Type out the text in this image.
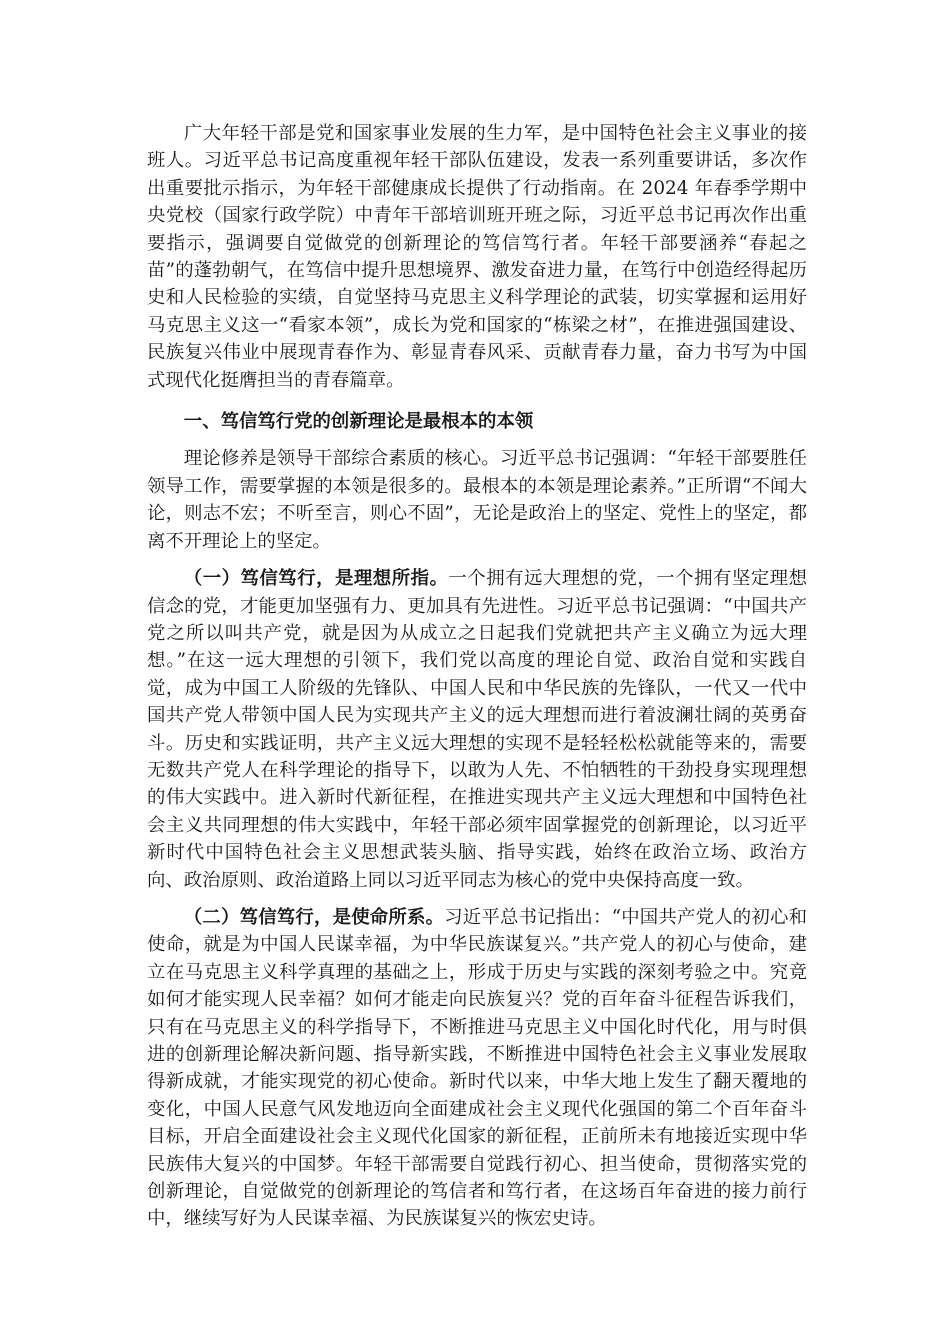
广大年轻干部是党和国家事业发展的生力军，是中国特色社会主义事业的接班人。习近平总书记高度重视年轻干部队伍建设，发表一系列重要讲话，多次作出重要批示指示，为年轻干部健康成长提供了行动指南。在 2024 年春季学期中央党校（国家行政学院）中青年干部培训班开班之际，习近平总书记再次作出重要指示，强调要自觉做党的创新理论的笃信笃行者。年轻干部要涵养“春起之苗”的蓬勃朝气，在笃信中提升思想境界、激发奋进力量，在笃行中创造经得起历史和人民检验的实绩，自觉坚持马克思主义科学理论的武装，切实掌握和运用好马克思主义这一“看家本领”，成长为党和国家的“栋梁之材”，在推进强国建设、民族复兴伟业中展现青春作为、彰显青春风采、贡献青春力量，奋力书写为中国式现代化挺膺担当的青春篇章。

一、笃信笃行党的创新理论是最根本的本领

理论修养是领导干部综合素质的核心。习近平总书记强调：“年轻干部要胜任领导工作，需要掌握的本领是很多的。最根本的本领是理论素养。”正所谓“不闻大论，则志不宏；不听至言，则心不固”，无论是政治上的坚定、党性上的坚定，都离不开理论上的坚定。

（一）笃信笃行，是理想所指。一个拥有远大理想的党，一个拥有坚定理想信念的党，才能更加坚强有力、更加具有先进性。习近平总书记强调：“中国共产党之所以叫共产党，就是因为从成立之日起我们党就把共产主义确立为远大理想。”在这一远大理想的引领下，我们党以高度的理论自觉、政治自觉和实践自觉，成为中国工人阶级的先锋队、中国人民和中华民族的先锋队，一代又一代中国共产党人带领中国人民为实现共产主义的远大理想而进行着波澜壮阔的英勇奋斗。历史和实践证明，共产主义远大理想的实现不是轻轻松松就能等来的，需要无数共产党人在科学理论的指导下，以敢为人先、不怕牺牲的干劲投身实现理想的伟大实践中。进入新时代新征程，在推进实现共产主义远大理想和中国特色社会主义共同理想的伟大实践中，年轻干部必须牢固掌握党的创新理论，以习近平新时代中国特色社会主义思想武装头脑、指导实践，始终在政治立场、政治方向、政治原则、政治道路上同以习近平同志为核心的党中央保持高度一致。

（二）笃信笃行，是使命所系。习近平总书记指出：“中国共产党人的初心和使命，就是为中国人民谋幸福，为中华民族谋复兴。”共产党人的初心与使命，建立在马克思主义科学真理的基础之上，形成于历史与实践的深刻考验之中。究竟如何才能实现人民幸福？如何才能走向民族复兴？党的百年奋斗征程告诉我们，只有在马克思主义的科学指导下，不断推进马克思主义中国化时代化，用与时俱进的创新理论解决新问题、指导新实践，不断推进中国特色社会主义事业发展取得新成就，才能实现党的初心使命。新时代以来，中华大地上发生了翻天覆地的变化，中国人民意气风发地迈向全面建成社会主义现代化强国的第二个百年奋斗目标，开启全面建设社会主义现代化国家的新征程，正前所未有地接近实现中华民族伟大复兴的中国梦。年轻干部需要自觉践行初心、担当使命，贯彻落实党的创新理论，自觉做党的创新理论的笃信者和笃行者，在这场百年奋进的接力前行中，继续写好为人民谋幸福、为民族谋复兴的恢宏史诗。
